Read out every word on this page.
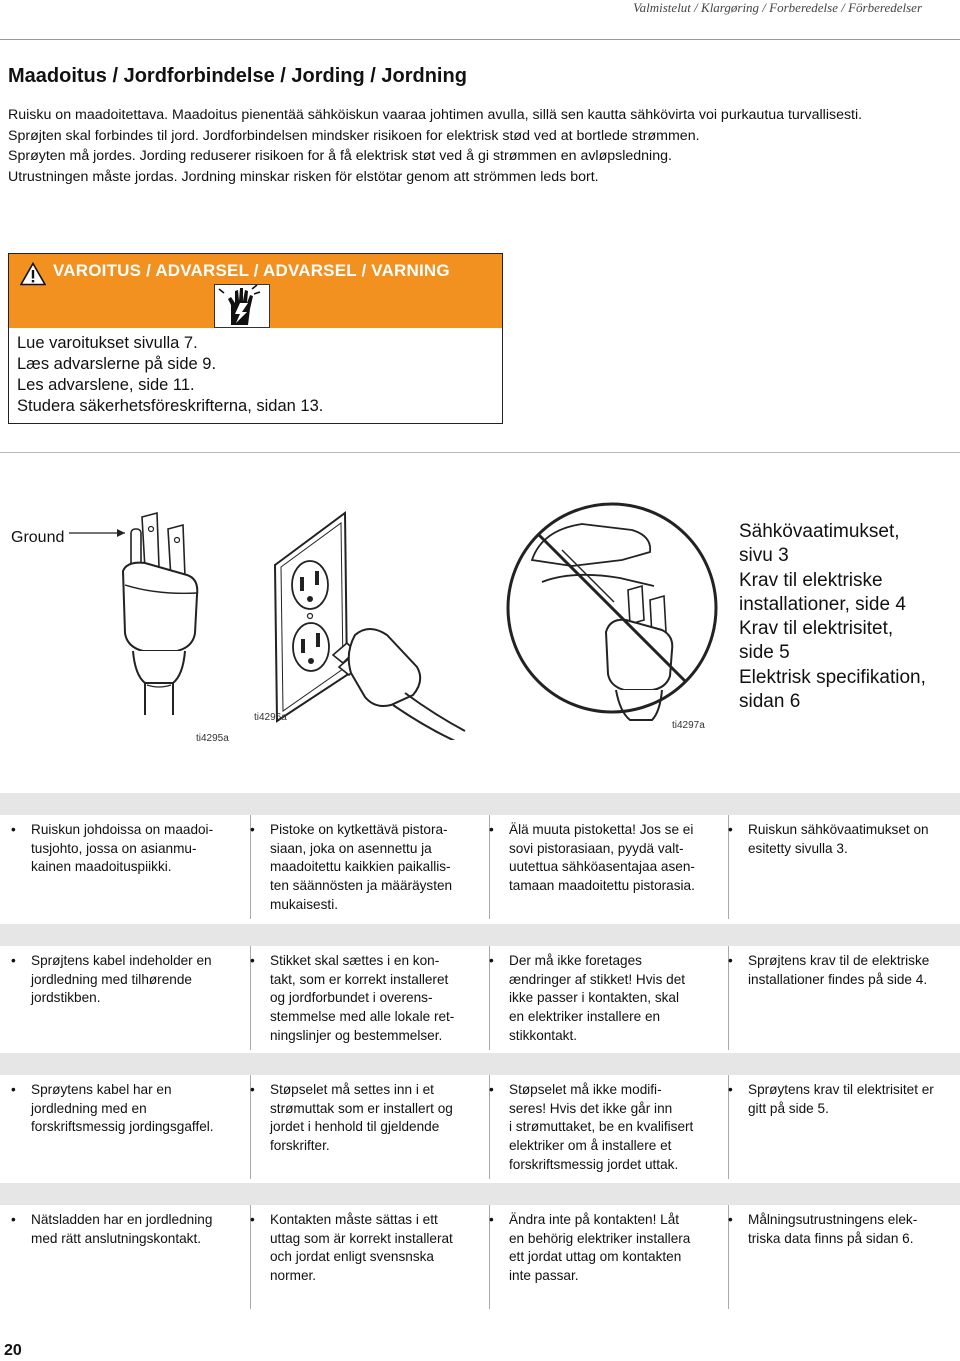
Valmistelut / Klargøring / Forberedelse / Förberedelser
Maadoitus / Jordforbindelse / Jording / Jordning

Ruisku on maadoitettava. Maadoitus pienentää sähköiskun vaaraa johtimen avulla, sillä sen kautta sähkövirta voi purkautua turvallisesti.

Sprøjten skal forbindes til jord. Jordforbindelsen mindsker risikoen for elektrisk stød ved at bortlede strømmen.

Sprøyten må jordes. Jording reduserer risikoen for å få elektrisk støt ved å gi strømmen en avløpsledning.

Utrustningen måste jordas. Jordning minskar risken för elstötar genom att strömmen leds bort.

VAROITUS / ADVARSEL / ADVARSEL / VARNING
Lue varoitukset sivulla 7.
Læs advarslerne på side 9.
Les advarslene, side 11.
Studera säkerhetsföreskrifterna, sidan 13.
Ground
ti4295a
ti4296a
ti4297a
Sähkövaatimukset,
sivu 3
Krav til elektriske
installationer, side 4
Krav til elektrisitet,
side 5
Elektrisk specifikation,
sidan 6
• Ruiskun johdoissa on maadoi-
tusjohto, jossa on asianmu-
kainen maadoituspiikki.
• Pistoke on kytkettävä pistora-
siaan, joka on asennettu ja
maadoitettu kaikkien paikallis-
ten säännösten ja määräysten
mukaisesti.
• Älä muuta pistoketta! Jos se ei
sovi pistorasiaan, pyydä valt-
uutettua sähköasentajaa asen-
tamaan maadoitettu pistorasia.
• Ruiskun sähkövaatimukset on
esitetty sivulla 3.
• Sprøjtens kabel indeholder en
jordledning med tilhørende
jordstikben.
• Stikket skal sættes i en kon-
takt, som er korrekt installeret
og jordforbundet i overens-
stemmelse med alle lokale ret-
ningslinjer og bestemmelser.
• Der må ikke foretages
ændringer af stikket! Hvis det
ikke passer i kontakten, skal
en elektriker installere en
stikkontakt.
• Sprøjtens krav til de elektriske
installationer findes på side 4.
• Sprøytens kabel har en
jordledning med en
forskriftsmessig jordingsgaffel.
• Støpselet må settes inn i et
strømuttak som er installert og
jordet i henhold til gjeldende
forskrifter.
• Støpselet må ikke modifi-
seres! Hvis det ikke går inn
i strømuttaket, be en kvalifisert
elektriker om å installere et
forskriftsmessig jordet uttak.
• Sprøytens krav til elektrisitet er
gitt på side 5.
• Nätsladden har en jordledning
med rätt anslutningskontakt.
• Kontakten måste sättas i ett
uttag som är korrekt installerat
och jordat enligt svensnska
normer.
• Ändra inte på kontakten! Låt
en behörig elektriker installera
ett jordat uttag om kontakten
inte passar.
• Målningsutrustningens elek-
triska data finns på sidan 6.
20
